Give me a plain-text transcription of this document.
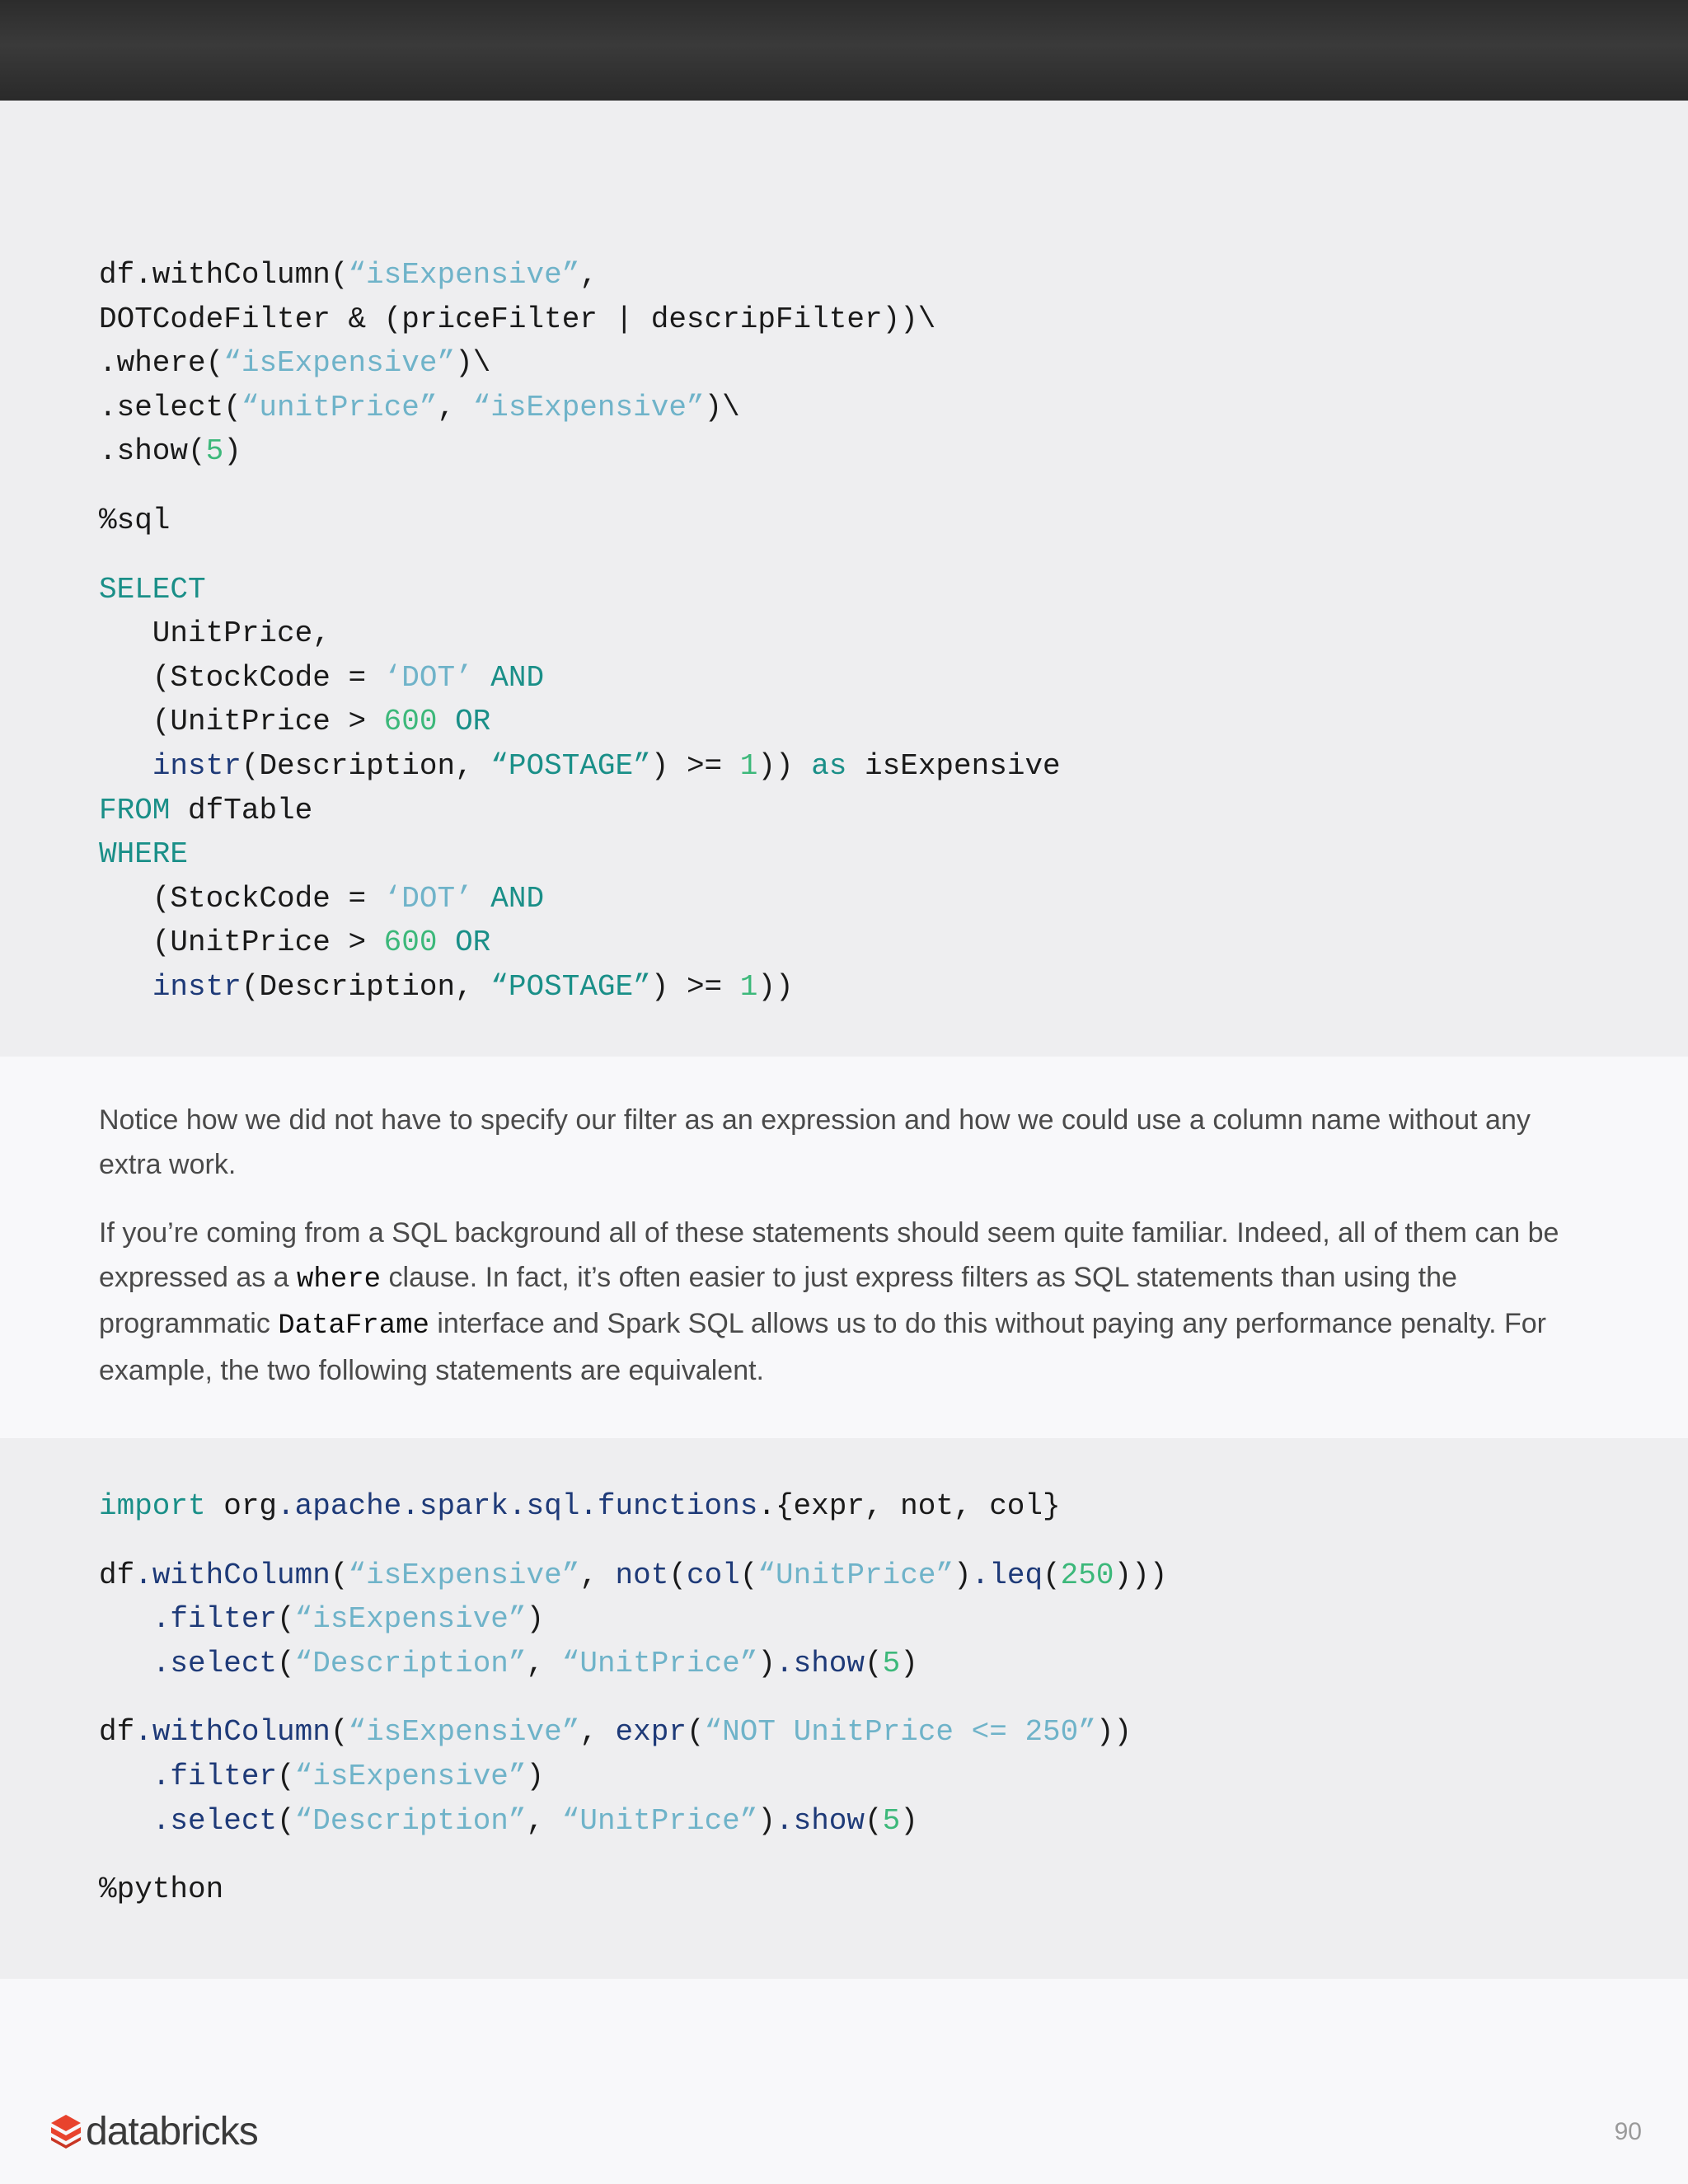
df.withColumn(“isExpensive”,
DOTCodeFilter & (priceFilter | descripFilter))\
.where(“isExpensive”)\
.select(“unitPrice”, “isExpensive”)\
.show(5)
%sql
SELECT
UnitPrice,
(StockCode = ‘DOT’ AND
(UnitPrice > 600 OR
instr(Description, “POSTAGE”) >= 1)) as isExpensive
FROM dfTable
WHERE
(StockCode = ‘DOT’ AND
(UnitPrice > 600 OR
instr(Description, “POSTAGE”) >= 1))
Notice how we did not have to specify our filter as an expression and how we could use a column name without any extra work.
If you’re coming from a SQL background all of these statements should seem quite familiar. Indeed, all of them can be expressed as a where clause. In fact, it’s often easier to just express filters as SQL statements than using the programmatic DataFrame interface and Spark SQL allows us to do this without paying any performance penalty. For example, the two following statements are equivalent.
import org.apache.spark.sql.functions.{expr, not, col}
df.withColumn(“isExpensive”, not(col(“UnitPrice”).leq(250)))
.filter(“isExpensive”)
.select(“Description”, “UnitPrice”).show(5)
df.withColumn(“isExpensive”, expr(“NOT UnitPrice <= 250”))
.filter(“isExpensive”)
.select(“Description”, “UnitPrice”).show(5)
%python
databricks	90
